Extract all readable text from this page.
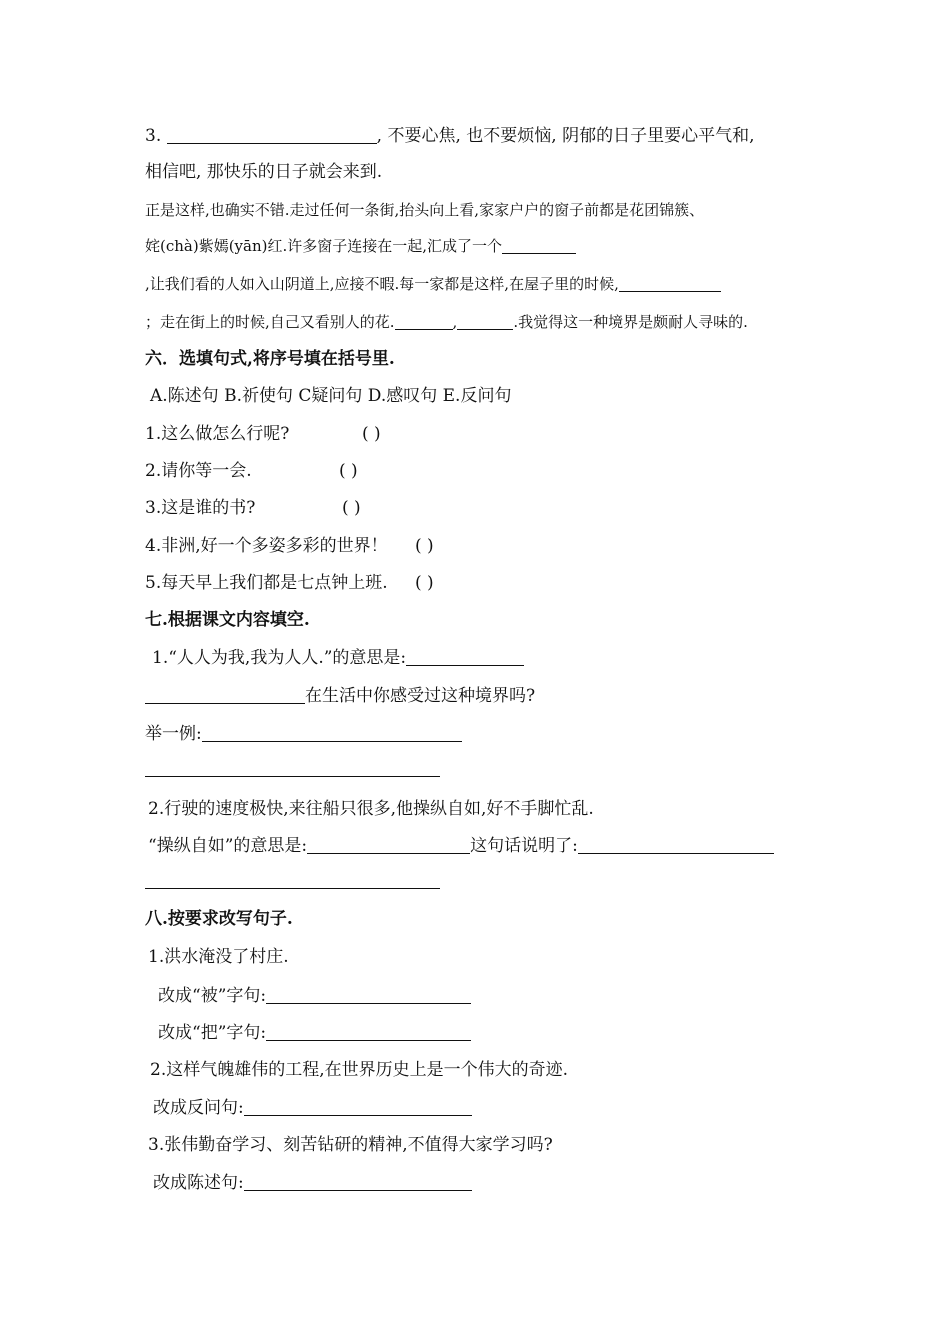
3.	, 不要心焦, 也不要烦恼, 阴郁的日子里要心平气和,
相信吧, 那快乐的日子就会来到.
正是这样,也确实不错.走过任何一条街,抬头向上看,家家户户的窗子前都是花团锦簇、
姹(chà)紫嫣(yān)红.许多窗子连接在一起,汇成了一个
,让我们看的人如入山阴道上,应接不暇.每一家都是这样,在屋子里的时候,
；走在街上的时候,自己又看别人的花.	,	.我觉得这一种境界是颇耐人寻味的.
六．选填句式,将序号填在括号里.
A.陈述句 B.祈使句 C疑问句 D.感叹句 E.反问句
1.这么做怎么行呢?	( )
2.请你等一会.	( )
3.这是谁的书?	( )
4.非洲,好一个多姿多彩的世界！ ( )
5.每天早上我们都是七点钟上班. ( )
七.根据课文内容填空.
1.“人人为我,我为人人.”的意思是:
在生活中你感受过这种境界吗?
举一例:
2.行驶的速度极快,来往船只很多,他操纵自如,好不手脚忙乱.
“操纵自如”的意思是:	这句话说明了:
八.按要求改写句子.
1.洪水淹没了村庄.
改成“被”字句:
改成“把”字句:
2.这样气魄雄伟的工程,在世界历史上是一个伟大的奇迹.
改成反问句:
3.张伟勤奋学习、刻苦钻研的精神,不值得大家学习吗?
改成陈述句:
